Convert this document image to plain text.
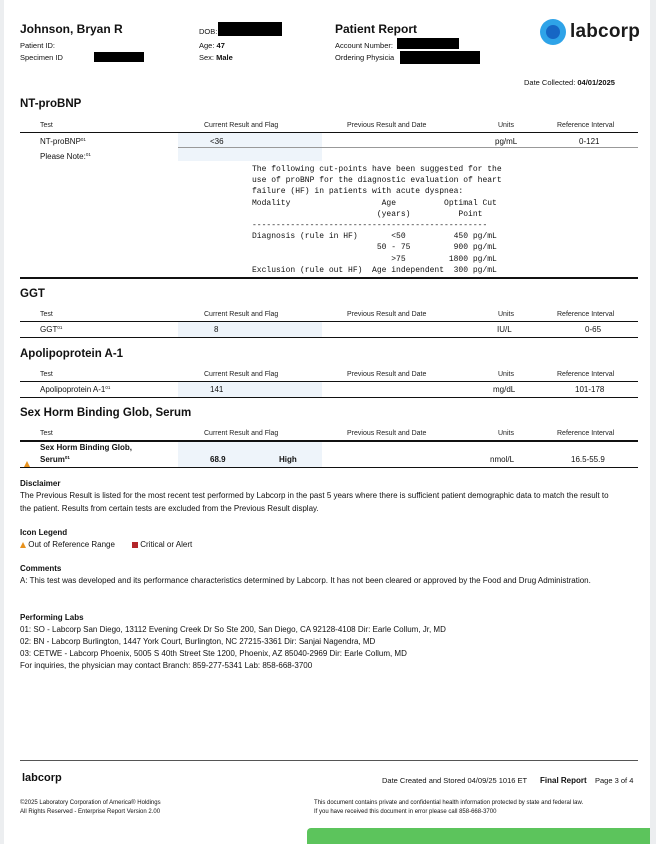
Johnson, Bryan R
Patient ID:
Specimen ID
DOB:
Age: 47
Sex: Male
Patient Report
Account Number:
Ordering Physicia
labcorp
Date Collected: 04/01/2025
NT-proBNP
Test	Current Result and Flag	Previous Result and Date	Units	Reference Interval
NT-proBNP$^{01}$	<36	pg/mL	0-121
Please Note:$^{01}$
The following cut-points have been suggested for the
use of proBNP for the diagnostic evaluation of heart
failure (HF) in patients with acute dyspnea:
Modality                   Age          Optimal Cut
(years)          Point
-------------------------------------------------
Diagnosis (rule in HF)       <50          450 pg/mL
50 - 75         900 pg/mL
>75         1800 pg/mL
Exclusion (rule out HF)  Age independent  300 pg/mL
GGT
Test	Current Result and Flag	Previous Result and Date	Units	Reference Interval
GGT$^{01}$	8	IU/L	0-65
Apolipoprotein A-1
Test	Current Result and Flag	Previous Result and Date	Units	Reference Interval
Apolipoprotein $A-1^{01}$	141	mg/dL	101-178
Sex Horm Binding Glob, Serum
Test	Current Result and Flag	Previous Result and Date	Units	Reference Interval
Sex Horm Binding Glob,
Serum$^{01}$	68.9	High	nmol/L	16.5-55.9
Disclaimer
The Previous Result is listed for the most recent test performed by Labcorp in the past 5 years where there is sufficient patient demographic data to match the result to the patient. Results from certain tests are excluded from the Previous Result display.
Icon Legend
Out of Reference Range	Critical or Alert
Comments
A: This test was developed and its performance characteristics determined by Labcorp. It has not been cleared or approved by the Food and Drug Administration.
Performing Labs
01: SO - Labcorp San Diego, 13112 Evening Creek Dr So Ste 200, San Diego, CA 92128-4108 Dir: Earle Collum, Jr, MD
02: BN - Labcorp Burlington, 1447 York Court, Burlington, NC 27215-3361 Dir: Sanjai Nagendra, MD
03: CETWE - Labcorp Phoenix, 5005 S 40th Street Ste 1200, Phoenix, AZ 85040-2969 Dir: Earle Collum, MD
For inquiries, the physician may contact Branch: 859-277-5341 Lab: 858-668-3700
labcorp	Date Created and Stored 04/09/25 1016 ET Final Report Page 3 of 4
©2025 Laboratory Corporation of America® Holdings
All Rights Reserved - Enterprise Report Version 2.00
This document contains private and confidential health information protected by state and federal law.
If you have received this document in error please call 858-668-3700
